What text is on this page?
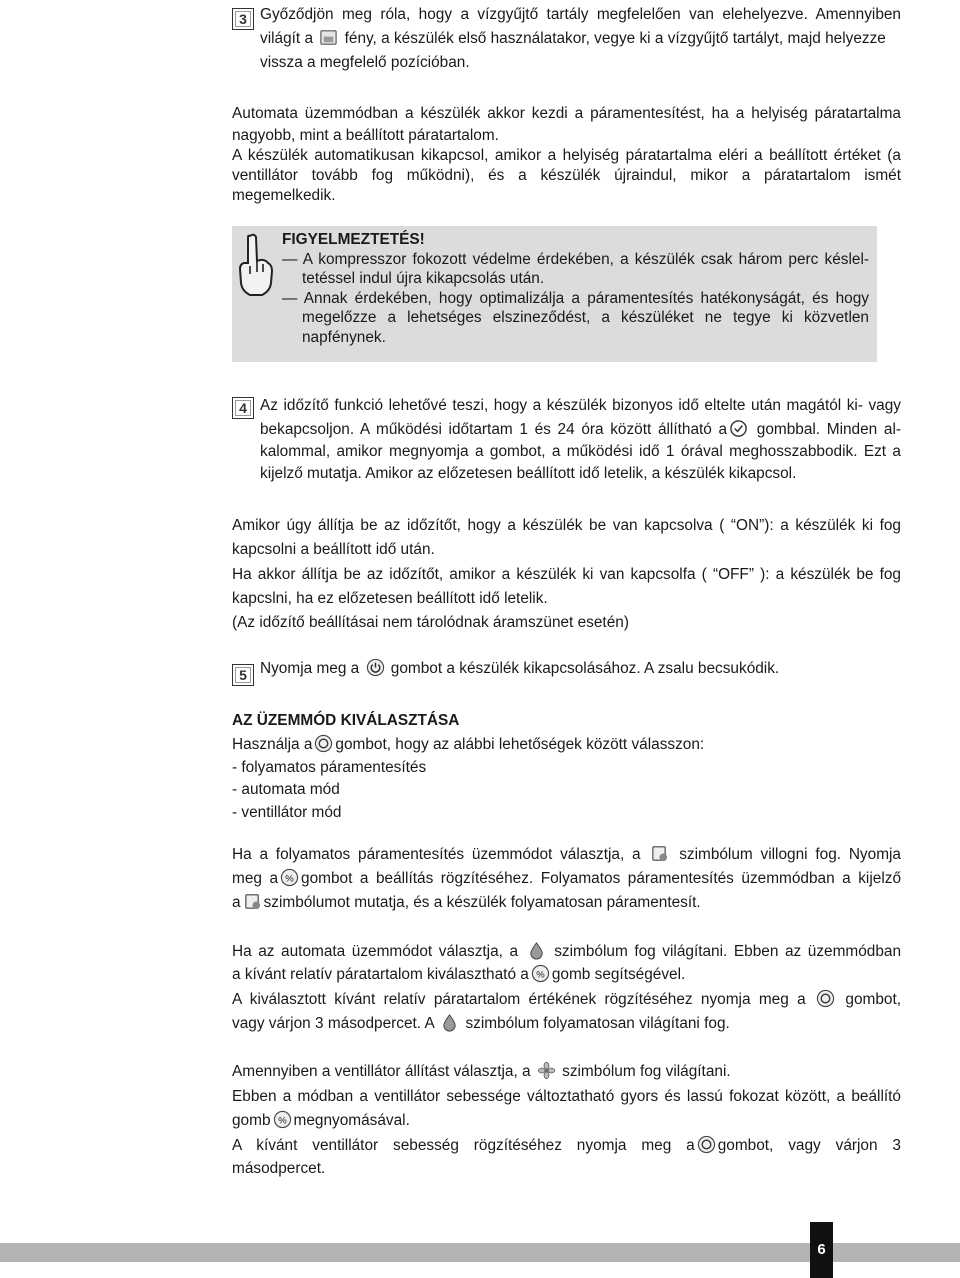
3 Győződjön meg róla, hogy a vízgyűjtő tartály megfelelően van elehelyezve. Amennyiben
világít a fény, a készülék első használatakor, vegye ki a vízgyűjtő tartályt, majd helyezze
vissza a megfelelő pozícióban.
Automata üzemmódban a készülék akkor kezdi a páramentesítést, ha a helyiség páratartalma
nagyobb, mint a beállított páratartalom.
A készülék automatikusan kikapcsol, amikor a helyiség páratartalma eléri a beállított értéket (a
ventillátor tovább fog működni), és a készülék újraindul, mikor a páratartalom ismét
megemelkedik.
FIGYELMEZTETÉS!
— A kompresszor fokozott védelme érdekében, a készülék csak három perc késlel-
tetéssel indul újra kikapcsolás után.
— Annak érdekében, hogy optimalizálja a páramentesítés hatékonyságát, és hogy
megelőzze a lehetséges elszineződést, a készüléket ne tegye ki közvetlen
napfénynek.
4 Az időzítő funkció lehetővé teszi, hogy a készülék bizonyos idő eltelte után magától ki- vagy
bekapcsoljon. A működési időtartam 1 és 24 óra között állítható a gombbal. Minden al-
kalommal, amikor megnyomja a gombot, a működési idő 1 órával meghosszabbodik. Ezt a
kijelző mutatja. Amikor az előzetesen beállított idő letelik, a készülék kikapcsol.
Amikor úgy állítja be az időzítőt, hogy a készülék be van kapcsolva ( “ON”): a készülék ki fog
kapcsolni a beállított idő után.
Ha akkor állítja be az időzítőt, amikor a készülék ki van kapcsolfa ( “OFF” ): a készülék be fog
kapcslni, ha ez előzetesen beállított idő letelik.
(Az időzítő beállításai nem tárolódnak áramszünet esetén)
5 Nyomja meg a gombot a készülék kikapcsolásához. A zsalu becsukódik.
AZ ÜZEMMÓD KIVÁLASZTÁSA
Használja a gombot, hogy az alábbi lehetőségek között válasszon:
- folyamatos páramentesítés
- automata mód
- ventillátor mód
Ha a folyamatos páramentesítés üzemmódot választja, a	szimbólum villogni fog. Nyomja
meg a % gombot a beállítás rögzítéséhez. Folyamatos páramentesítés üzemmódban a kijelző
a szimbólumot mutatja, és a készülék folyamatosan páramentesít.
Ha az automata üzemmódot választja, a szimbólum fog világítani. Ebben az üzemmódban
a kívánt relatív páratartalom kiválasztható a % gomb segítségével.
A kiválasztott kívánt relatív páratartalom értékének rögzítéséhez nyomja meg a	gombot,
vagy várjon 3 másodpercet. A szimbólum folyamatosan világítani fog.
Amennyiben a ventillátor állítást választja, a szimbólum fog világítani.
Ebben a módban a ventillátor sebessége változtatható gyors és lassú fokozat között, a beállító
gomb % megnyomásával.
A kívánt ventillátor sebesség rögzítéséhez nyomja meg a gombot, vagy várjon 3
másodpercet.
6
